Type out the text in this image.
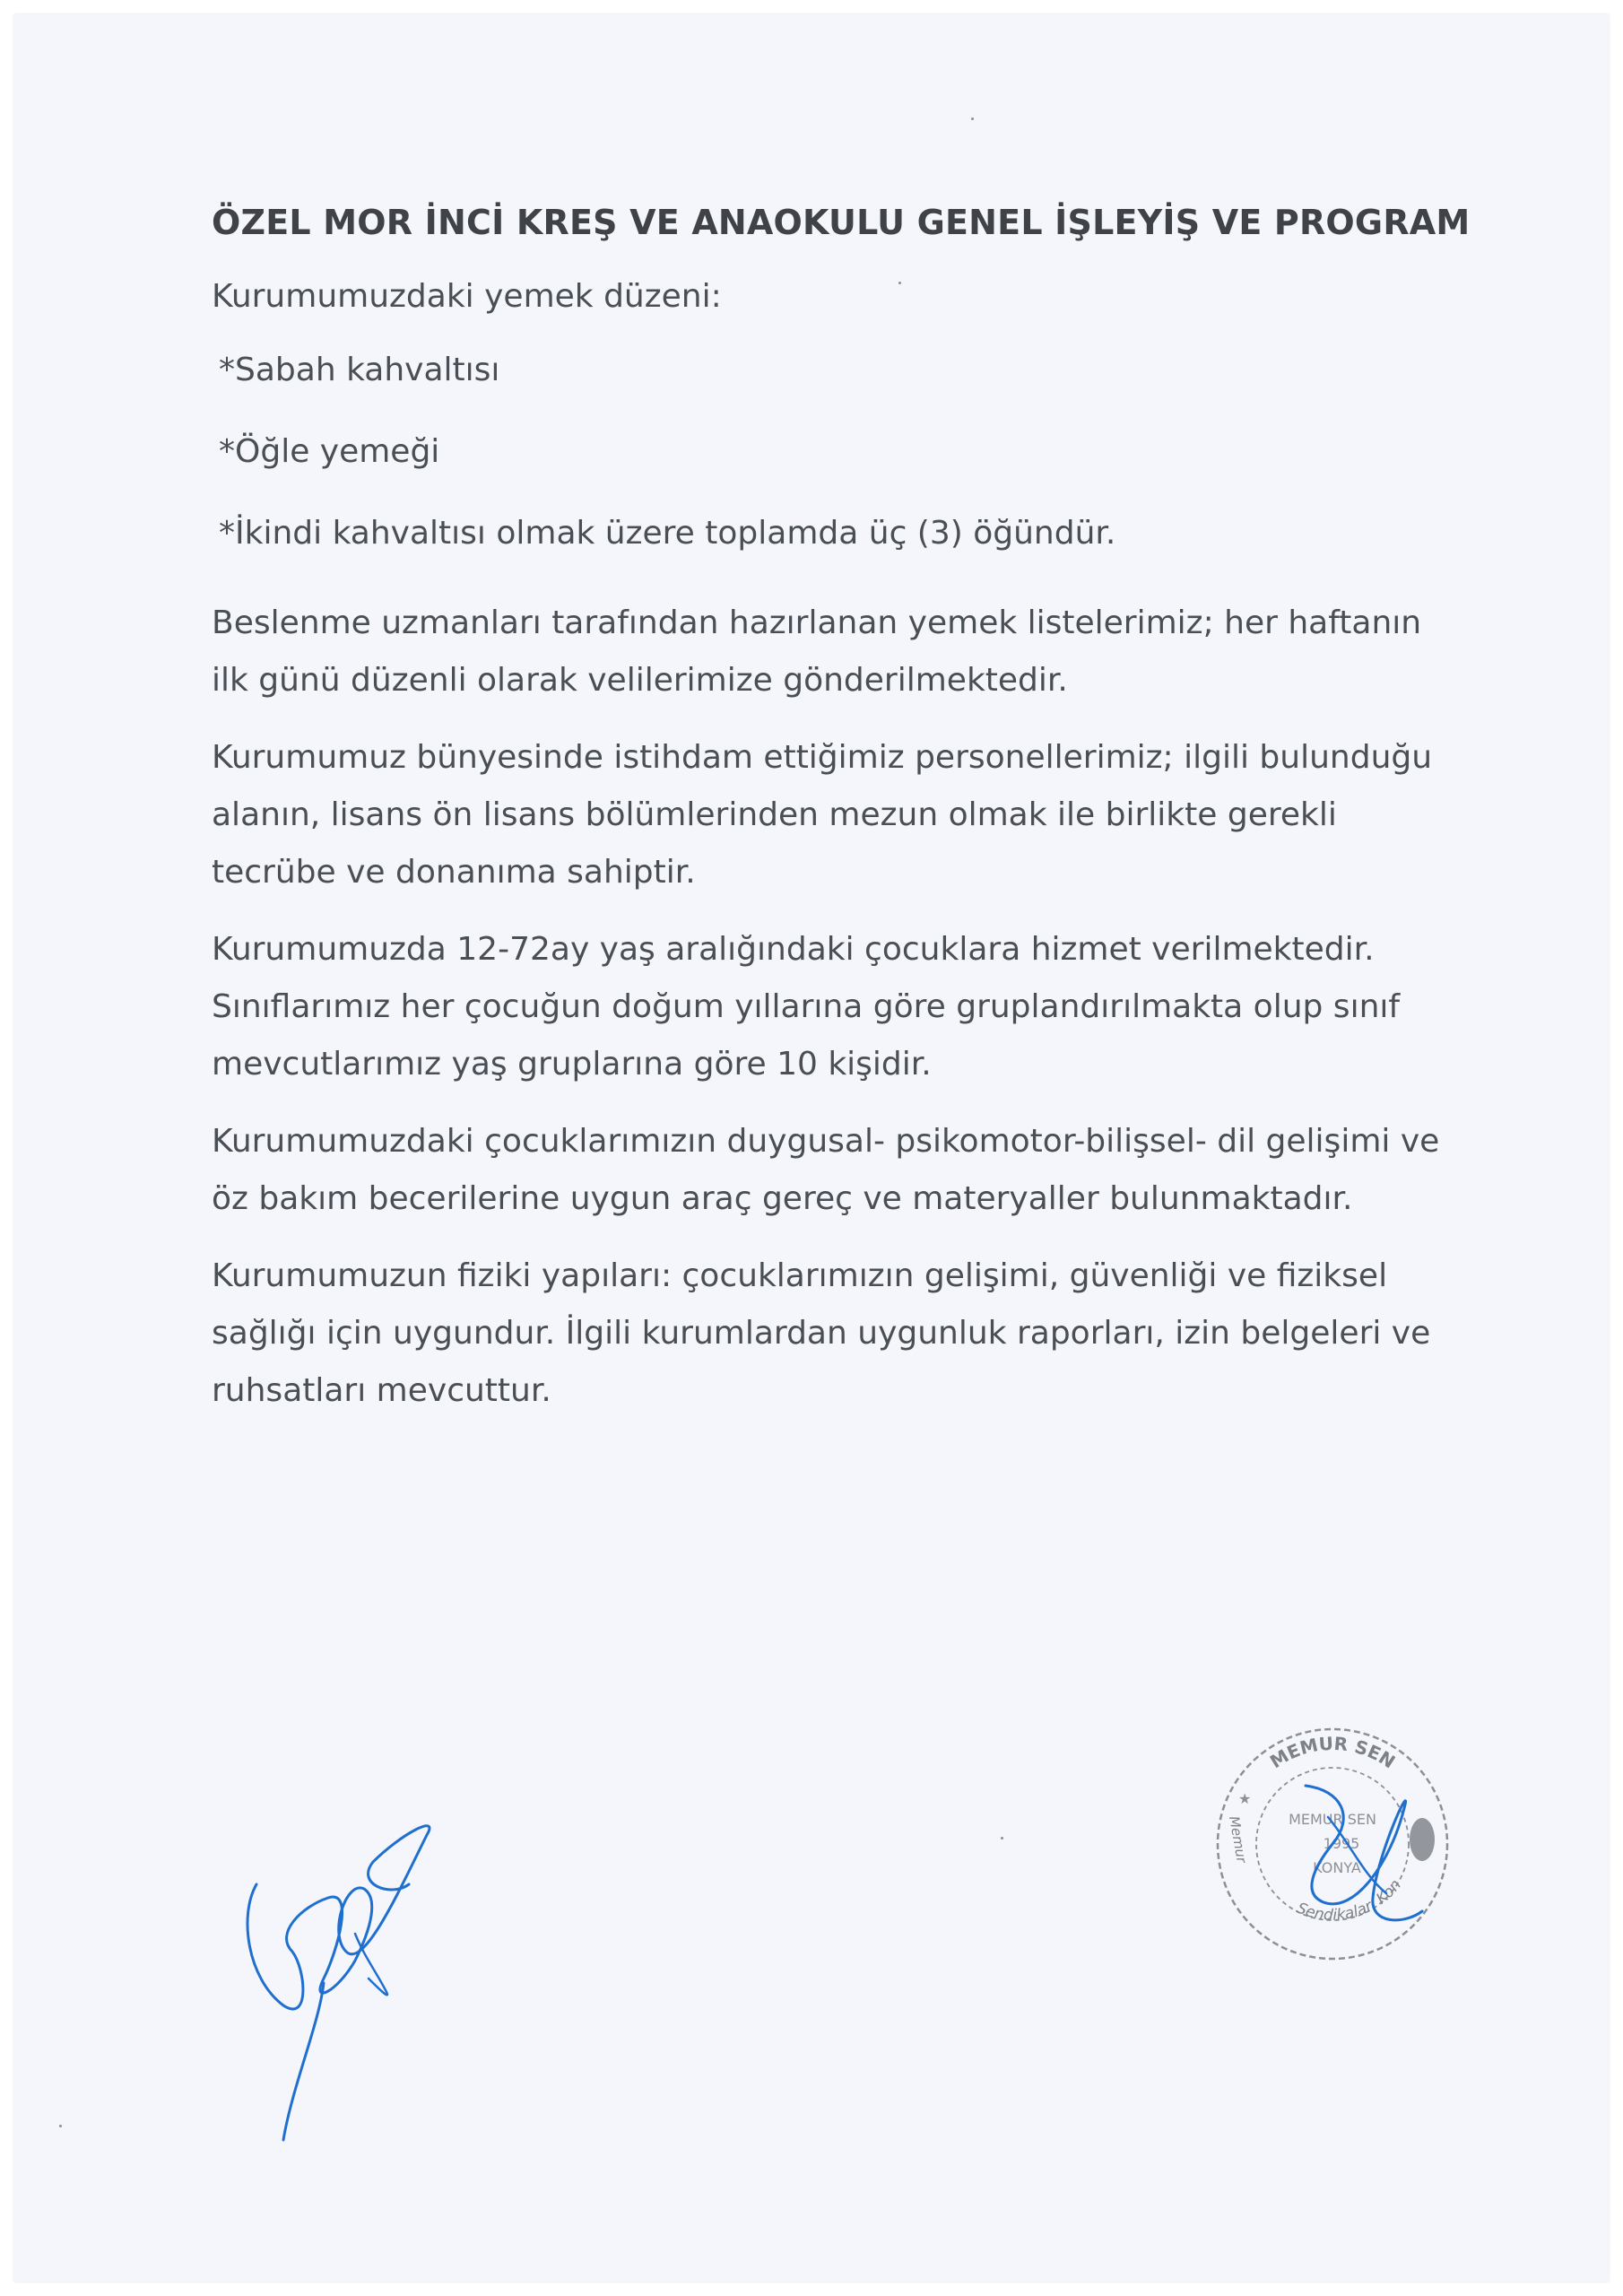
ÖZEL MOR İNCİ KREŞ VE ANAOKULU GENEL İŞLEYİŞ VE PROGRAM
Kurumumuzdaki yemek düzeni:
*Sabah kahvaltısı
*Öğle yemeği
*İkindi kahvaltısı olmak üzere toplamda üç (3) öğündür.

Beslenme uzmanları tarafından hazırlanan yemek listelerimiz; her haftanın ilk günü düzenli olarak velilerimize gönderilmektedir.

Kurumumuz bünyesinde istihdam ettiğimiz personellerimiz; ilgili bulunduğu alanın, lisans ön lisans bölümlerinden mezun olmak ile birlikte gerekli tecrübe ve donanıma sahiptir.

Kurumumuzda 12-72ay yaş aralığındaki çocuklara hizmet verilmektedir. Sınıflarımız her çocuğun doğum yıllarına göre gruplandırılmakta olup sınıf mevcutlarımız yaş gruplarına göre 10 kişidir.

Kurumumuzdaki çocuklarımızın duygusal- psikomotor-bilişsel- dil gelişimi ve öz bakım becerilerine uygun araç gereç ve materyaller bulunmaktadır.

Kurumumuzun fiziki yapıları: çocuklarımızın gelişimi, güvenliği ve fiziksel sağlığı için uygundur. İlgili kurumlardan uygunluk raporları, izin belgeleri ve ruhsatları mevcuttur.

MEMUR SEN
Sendikaları Kon
Memur	MEMUR SEN
1995
KONYA
★
